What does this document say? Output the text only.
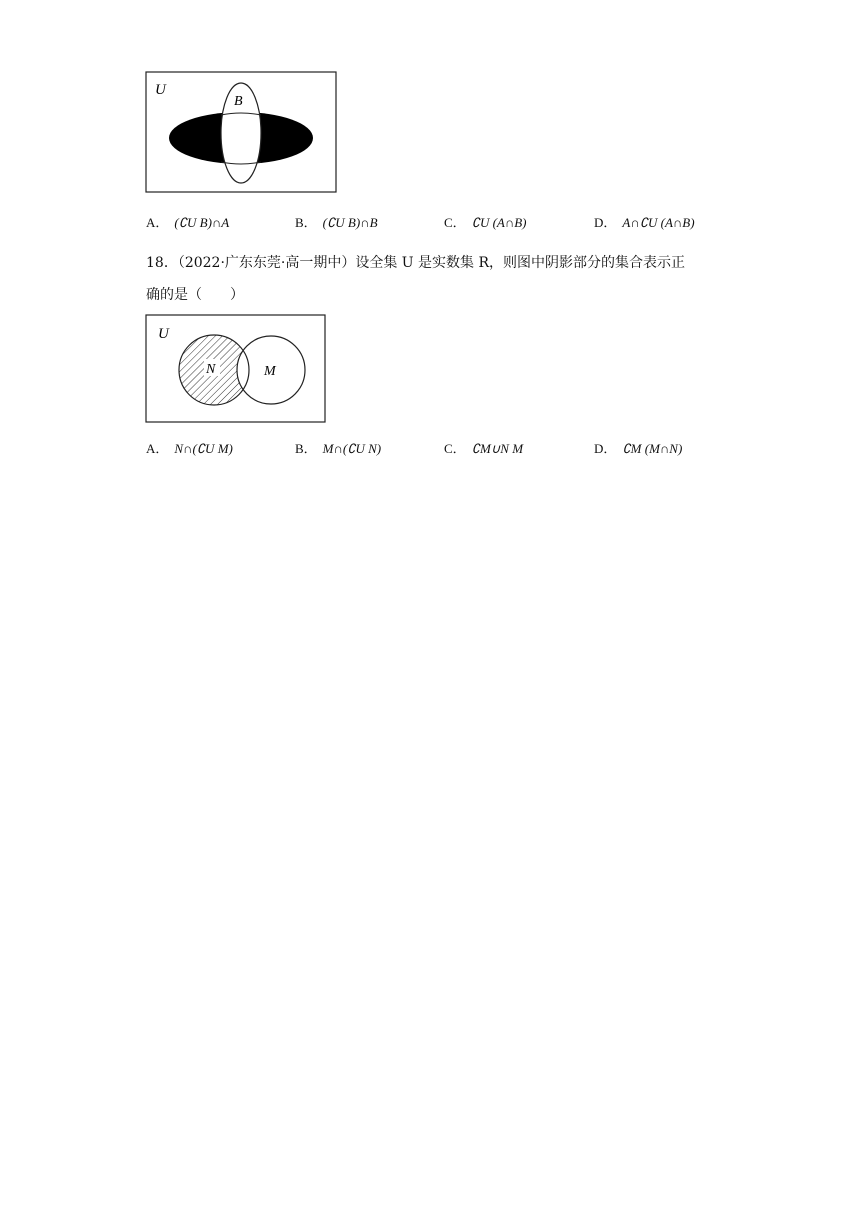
U
B
A． (∁U B)∩A	B． (∁U B)∩B	C． ∁U (A∩B)	D． A∩∁U (A∩B)
18．（2022·广东东莞·高一期中）设全集 U 是实数集 R，则图中阴影部分的集合表示正
确的是（　　）
U
N	M
A． N∩(∁U M)	B． M∩(∁U N)	C． ∁M∪N M	D． ∁M (M∩N)
